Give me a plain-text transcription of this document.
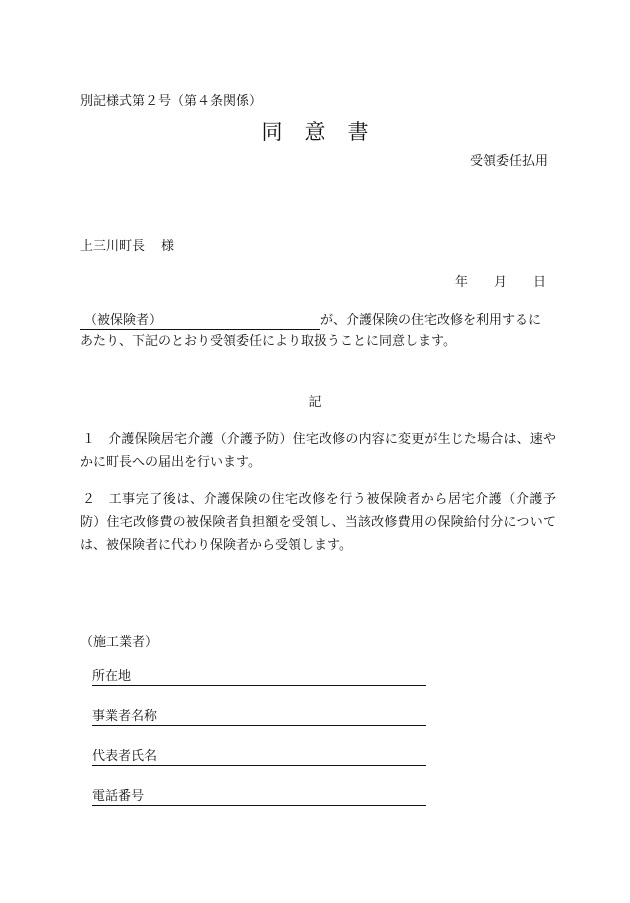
別記様式第２号（第４条関係）
同意書
受領委任払用
上三川町長 様
年 月 日
（被保険者）	が、介護保険の住宅改修を利用するに
あたり、下記のとおり受領委任により取扱うことに同意します。
記
１ 介護保険居宅介護（介護予防）住宅改修の内容に変更が生じた場合は、速やかに町長への届出を行います。
２ 工事完了後は、介護保険の住宅改修を行う被保険者から居宅介護（介護予防）住宅改修費の被保険者負担額を受領し、当該改修費用の保険給付分については、被保険者に代わり保険者から受領します。
（施工業者）
所在地
事業者名称
代表者氏名
電話番号
